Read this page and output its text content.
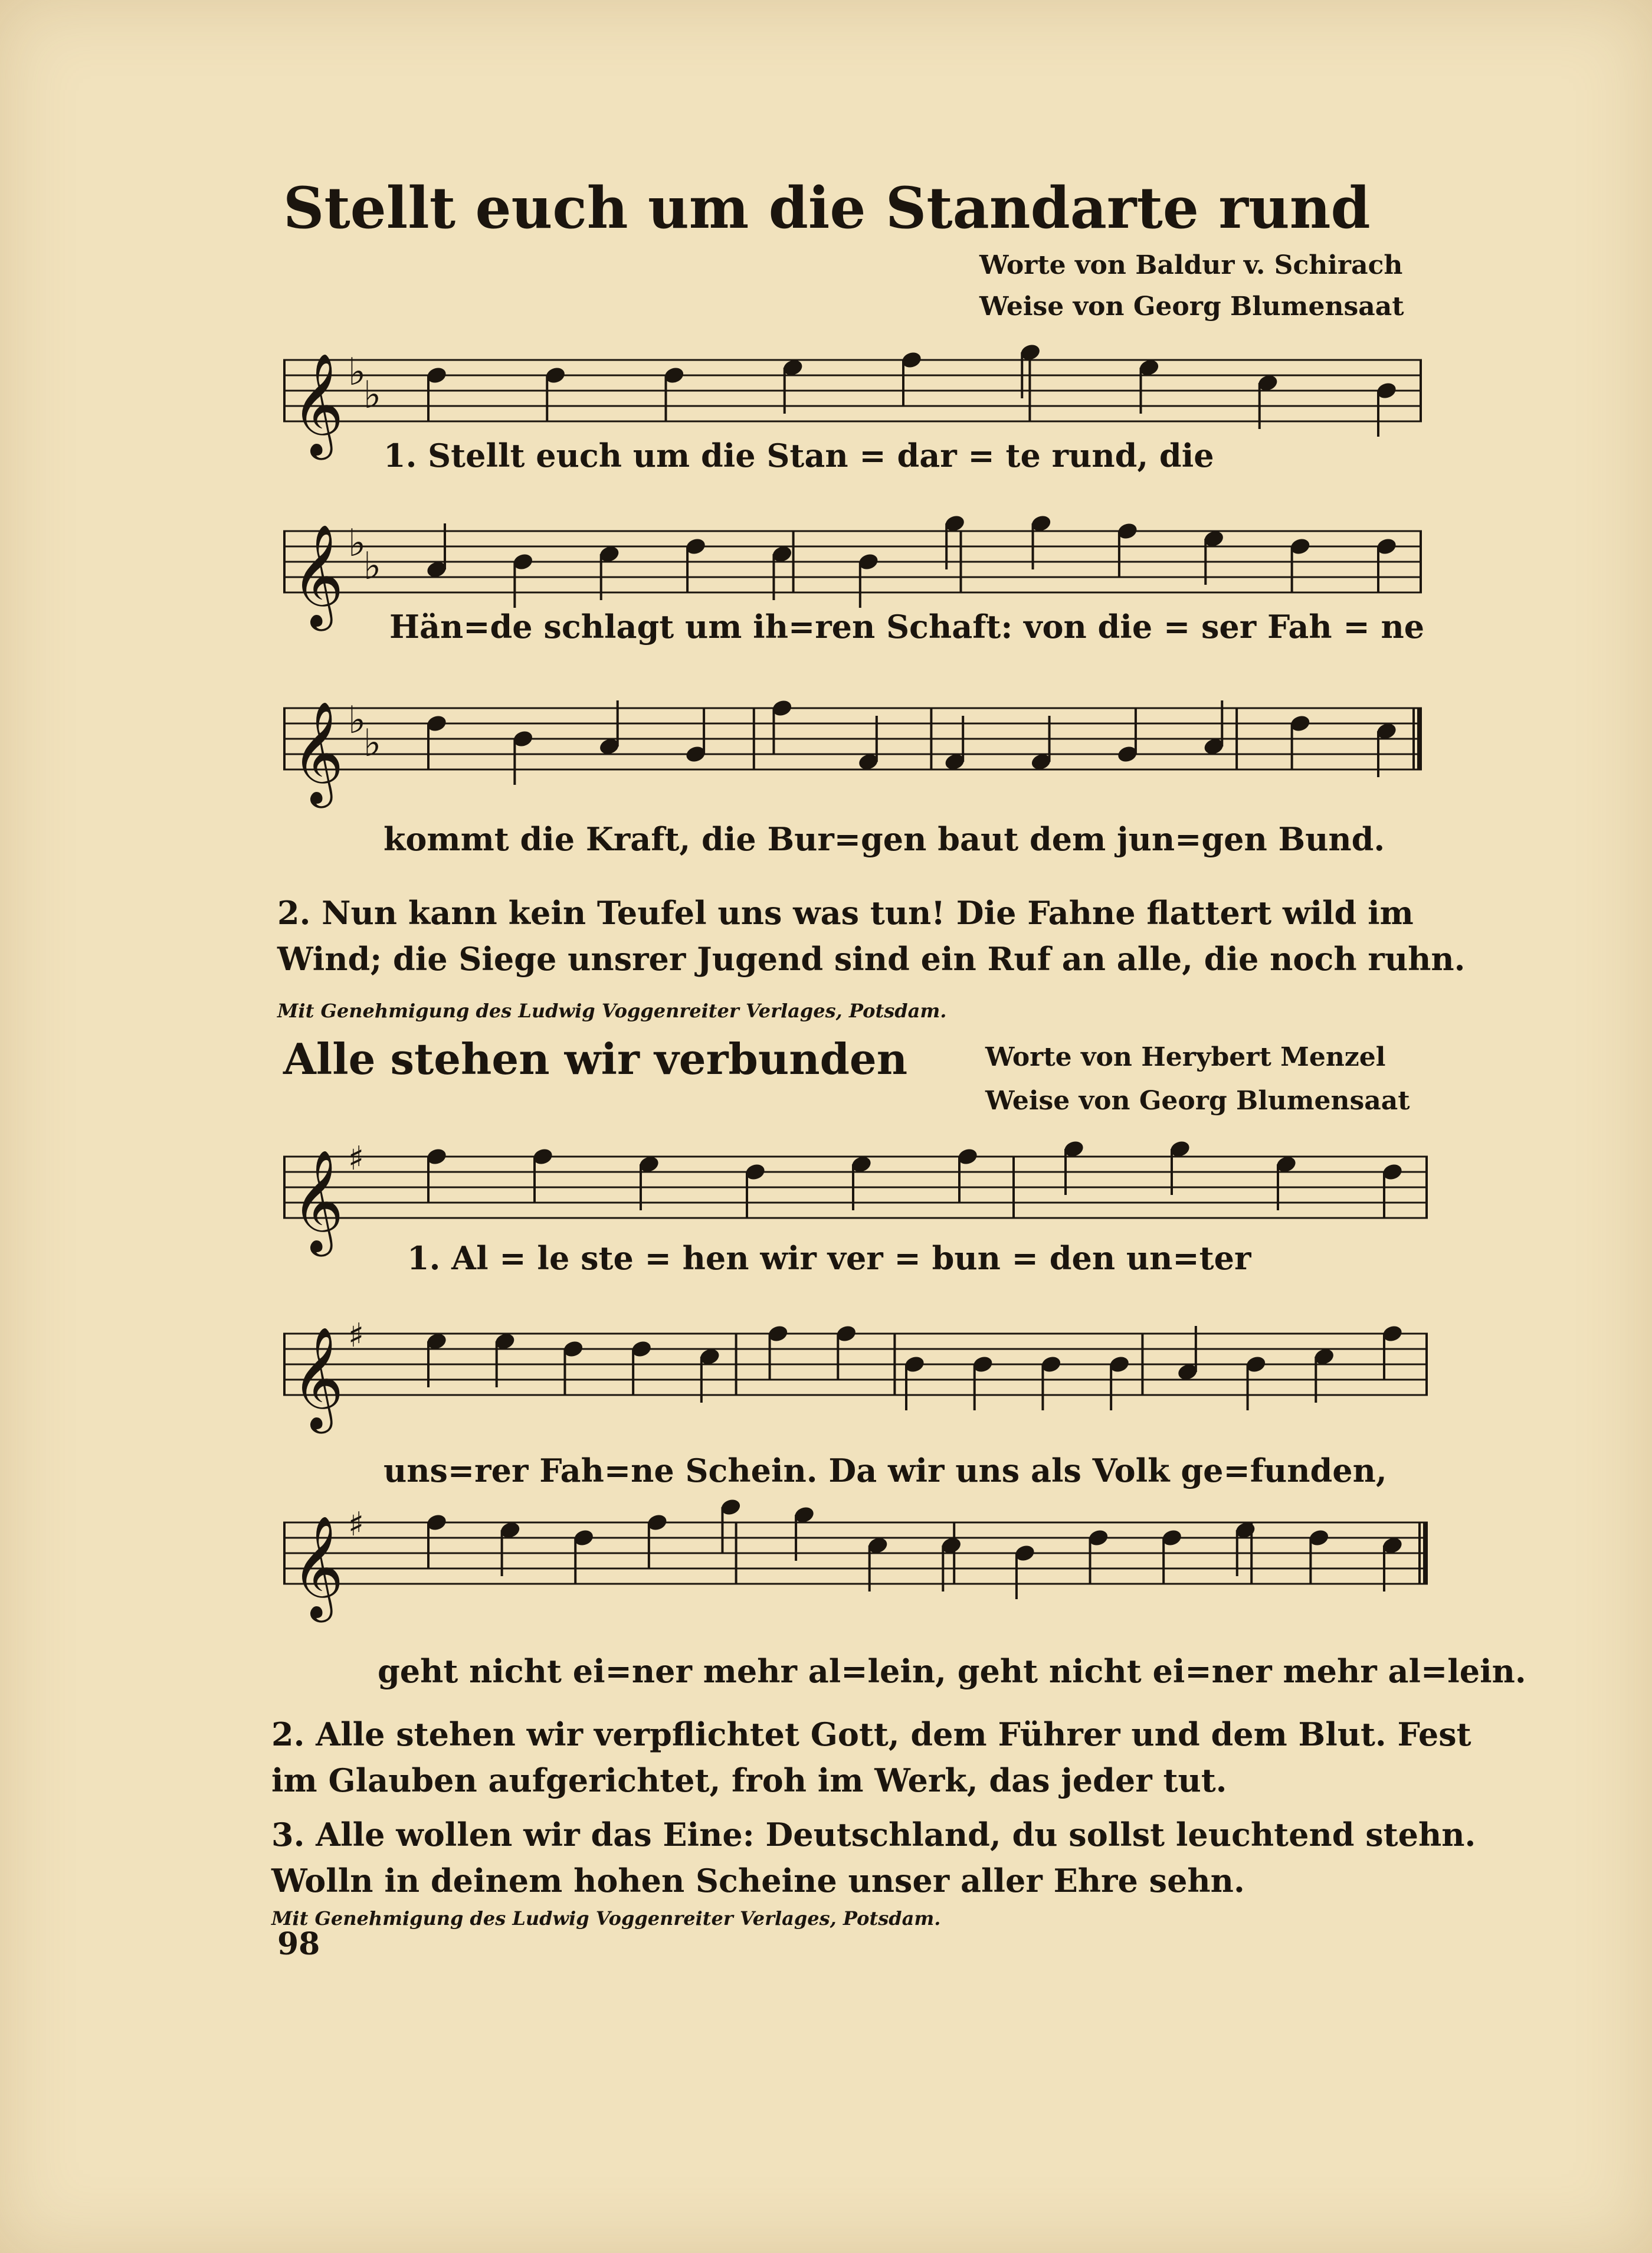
Stellt euch um die Standarte rund
Worte von Baldur v. Schirach
Weise von Georg Blumensaat
𝄞 ♭
♭
1. Stellt euch um die Stan = dar = te rund, die
𝄞 ♭
♭
Hän=de schlagt um ih=ren Schaft: von die = ser Fah = ne
𝄞 ♭
♭
kommt die Kraft, die Bur=gen baut dem jun=gen Bund.
2. Nun kann kein Teufel uns was tun! Die Fahne flattert wild im
Wind; die Siege unsrer Jugend sind ein Ruf an alle, die noch ruhn.
Mit Genehmigung des Ludwig Voggenreiter Verlages, Potsdam.
Alle stehen wir verbunden	Worte von Herybert Menzel
Weise von Georg Blumensaat
𝄞 ♯
1. Al = le ste = hen wir ver = bun = den un=ter
𝄞 ♯
uns=rer Fah=ne Schein. Da wir uns als Volk ge=funden,
𝄞 ♯
geht nicht ei=ner mehr al=lein, geht nicht ei=ner mehr al=lein.
2. Alle stehen wir verpflichtet Gott, dem Führer und dem Blut. Fest
im Glauben aufgerichtet, froh im Werk, das jeder tut.
3. Alle wollen wir das Eine: Deutschland, du sollst leuchtend stehn.
Wolln in deinem hohen Scheine unser aller Ehre sehn.
Mit Genehmigung des Ludwig Voggenreiter Verlages, Potsdam.
98
